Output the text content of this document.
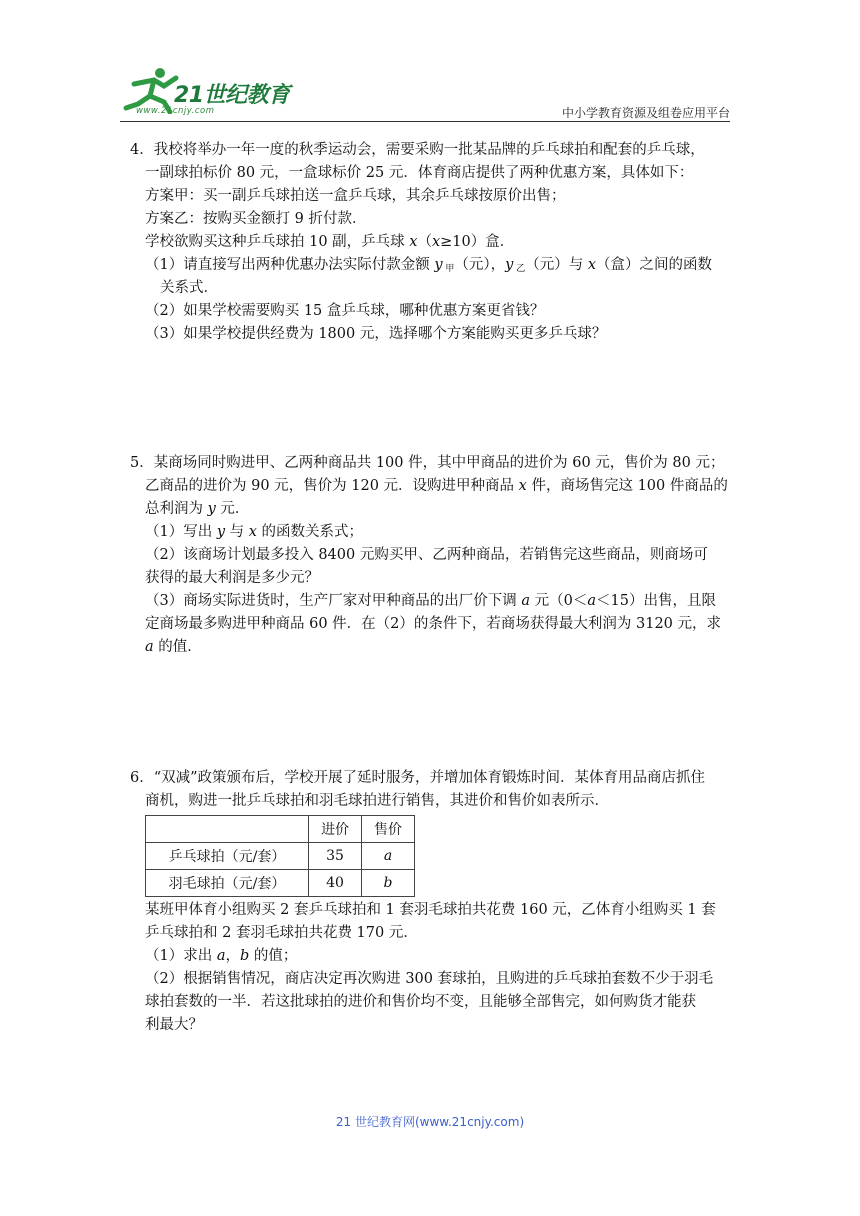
21世纪教育
www.21cnjy.com	中小学教育资源及组卷应用平台
4．我校将举办一年一度的秋季运动会，需要采购一批某品牌的乒乓球拍和配套的乒乓球，
一副球拍标价 80 元，一盒球标价 25 元．体育商店提供了两种优惠方案，具体如下：
方案甲：买一副乒乓球拍送一盒乒乓球，其余乒乓球按原价出售；
方案乙：按购买金额打 9 折付款．
学校欲购买这种乒乓球拍 10 副，乒乓球 x（x≥10）盒．
（1）请直接写出两种优惠办法实际付款金额 y $_甲$（元），y $_乙$（元）与 x（盒）之间的函数
关系式．
（2）如果学校需要购买 15 盒乒乓球，哪种优惠方案更省钱？
（3）如果学校提供经费为 1800 元，选择哪个方案能购买更多乒乓球？
5．某商场同时购进甲、乙两种商品共 100 件，其中甲商品的进价为 60 元，售价为 80 元；
乙商品的进价为 90 元，售价为 120 元．设购进甲种商品 x 件，商场售完这 100 件商品的
总利润为 y 元．
（1）写出 y 与 x 的函数关系式；
（2）该商场计划最多投入 8400 元购买甲、乙两种商品，若销售完这些商品，则商场可
获得的最大利润是多少元？
（3）商场实际进货时，生产厂家对甲种商品的出厂价下调 a 元（0＜a＜15）出售，且限
定商场最多购进甲种商品 60 件．在（2）的条件下，若商场获得最大利润为 3120 元，求
a 的值．
6．“双减”政策颁布后，学校开展了延时服务，并增加体育锻炼时间．某体育用品商店抓住
商机，购进一批乒乓球拍和羽毛球拍进行销售，其进价和售价如表所示．
	进价	售价
乒乓球拍（元/套）	35	a
羽毛球拍（元/套）	40	b
某班甲体育小组购买 2 套乒乓球拍和 1 套羽毛球拍共花费 160 元，乙体育小组购买 1 套
乒乓球拍和 2 套羽毛球拍共花费 170 元．
（1）求出 a，b 的值；
（2）根据销售情况，商店决定再次购进 300 套球拍，且购进的乒乓球拍套数不少于羽毛
球拍套数的一半．若这批球拍的进价和售价均不变，且能够全部售完，如何购货才能获
利最大？
21 世纪教育网(www.21cnjy.com)
